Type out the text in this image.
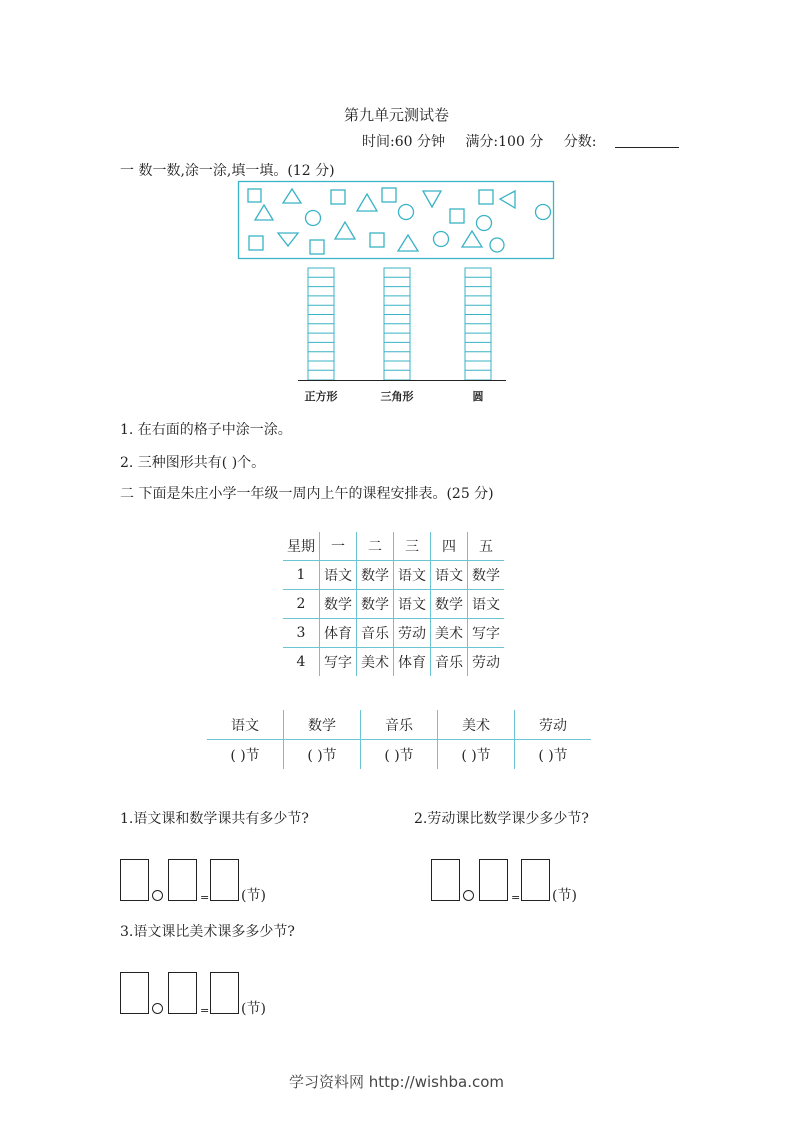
第九单元测试卷
时间:60 分钟 满分:100 分 分数:
一 数一数,涂一涂,填一填。(12 分)
正方形	三角形	圆
1. 在右面的格子中涂一涂。
2. 三种图形共有( )个。
二 下面是朱庄小学一年级一周内上午的课程安排表。(25 分)
星期	一	二	三	四	五
1	语文	数学	语文	语文	数学
2	数学	数学	语文	数学	语文
3	体育	音乐	劳动	美术	写字
4	写字	美术	体育	音乐	劳动
语文	数学	音乐	美术	劳动
( )节	( )节	( )节	( )节	( )节
1.语文课和数学课共有多少节?	2.劳动课比数学课少多少节?
= (节)	= (节)
3.语文课比美术课多多少节?
= (节)
学习资料网 http://wishba.com
